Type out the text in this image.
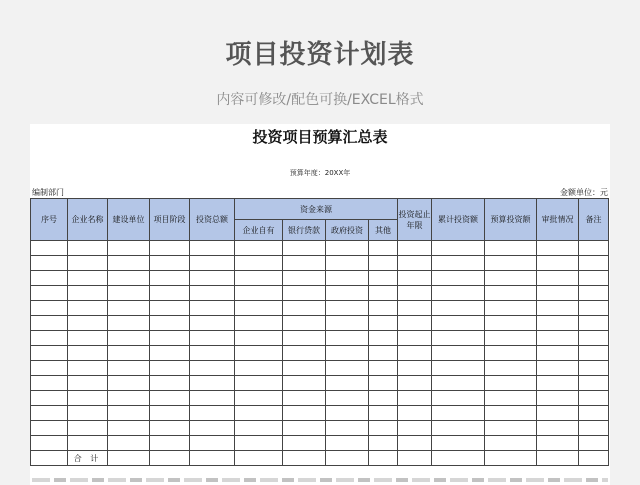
项目投资计划表
内容可修改/配色可换/EXCEL格式
投资项目预算汇总表
预算年度：20XX年
编制部门	金额单位：元
序号	企业名称	建设单位	项目阶段	投资总额	资金来源				投资起止年限	累计投资额	预算投资额	审批情况	备注
					企业自有	银行贷款	政府投资	其他					

	合 计												
